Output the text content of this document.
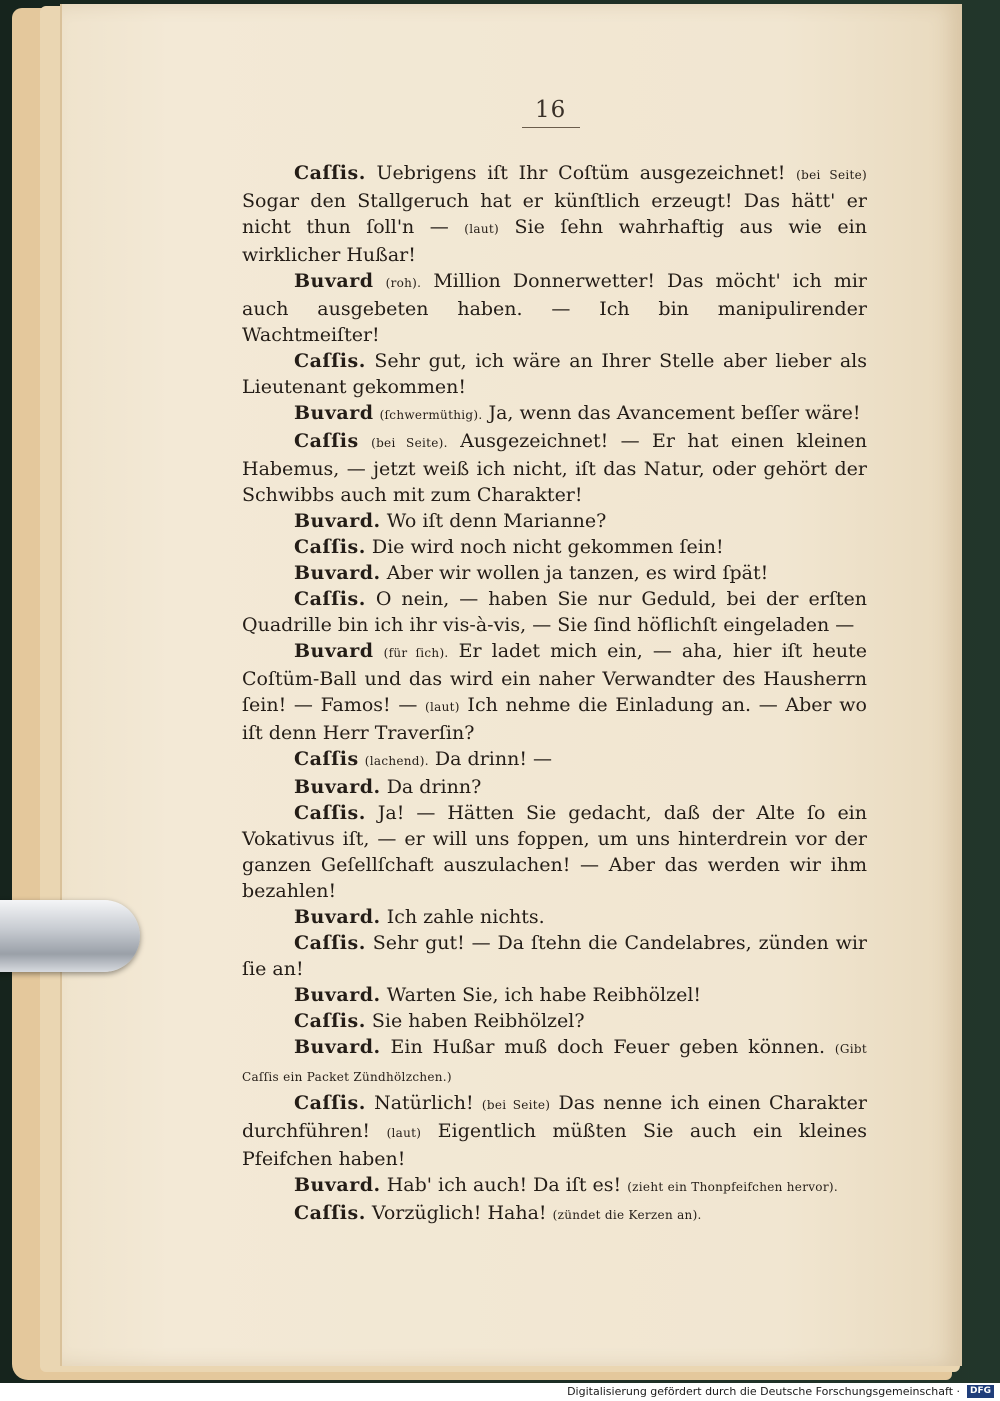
16
Caſſis. Uebrigens iſt Ihr Coſtüm ausgezeichnet! (bei Seite) Sogar den Stallgeruch hat er künſtlich erzeugt! Das hätt' er nicht thun ſoll'n — (laut) Sie ſehn wahrhaftig aus wie ein wirklicher Hußar!
Buvard (roh). Million Donnerwetter! Das möcht' ich mir auch ausgebeten haben. — Ich bin manipulirender Wachtmeiſter!
Caſſis. Sehr gut, ich wäre an Ihrer Stelle aber lieber als Lieutenant gekommen!
Buvard (ſchwermüthig). Ja, wenn das Avancement beſſer wäre!
Caſſis (bei Seite). Ausgezeichnet! — Er hat einen kleinen Habemus, — jetzt weiß ich nicht, iſt das Natur, oder gehört der Schwibbs auch mit zum Charakter!
Buvard. Wo iſt denn Marianne?
Caſſis. Die wird noch nicht gekommen ſein!
Buvard. Aber wir wollen ja tanzen, es wird ſpät!
Caſſis. O nein, — haben Sie nur Geduld, bei der erſten Quadrille bin ich ihr vis-à-vis, — Sie ſind höflichſt eingeladen —
Buvard (für ſich). Er ladet mich ein, — aha, hier iſt heute Coſtüm-Ball und das wird ein naher Verwandter des Hausherrn ſein! — Famos! — (laut) Ich nehme die Einladung an. — Aber wo iſt denn Herr Traverſin?
Caſſis (lachend). Da drinn! —
Buvard. Da drinn?
Caſſis. Ja! — Hätten Sie gedacht, daß der Alte ſo ein Vokativus iſt, — er will uns foppen, um uns hinterdrein vor der ganzen Geſellſchaft auszulachen! — Aber das werden wir ihm bezahlen!
Buvard. Ich zahle nichts.
Caſſis. Sehr gut! — Da ſtehn die Candelabres, zünden wir ſie an!
Buvard. Warten Sie, ich habe Reibhölzel!
Caſſis. Sie haben Reibhölzel?
Buvard. Ein Hußar muß doch Feuer geben können. (Gibt Caſſis ein Packet Zündhölzchen.)
Caſſis. Natürlich! (bei Seite) Das nenne ich einen Charakter durchführen! (laut) Eigentlich müßten Sie auch ein kleines Pfeifchen haben!
Buvard. Hab' ich auch! Da iſt es! (zieht ein Thonpfeifchen hervor).
Caſſis. Vorzüglich! Haha! (zündet die Kerzen an).
Digitalisierung gefördert durch die Deutsche Forschungsgemeinschaft ·	DFG
